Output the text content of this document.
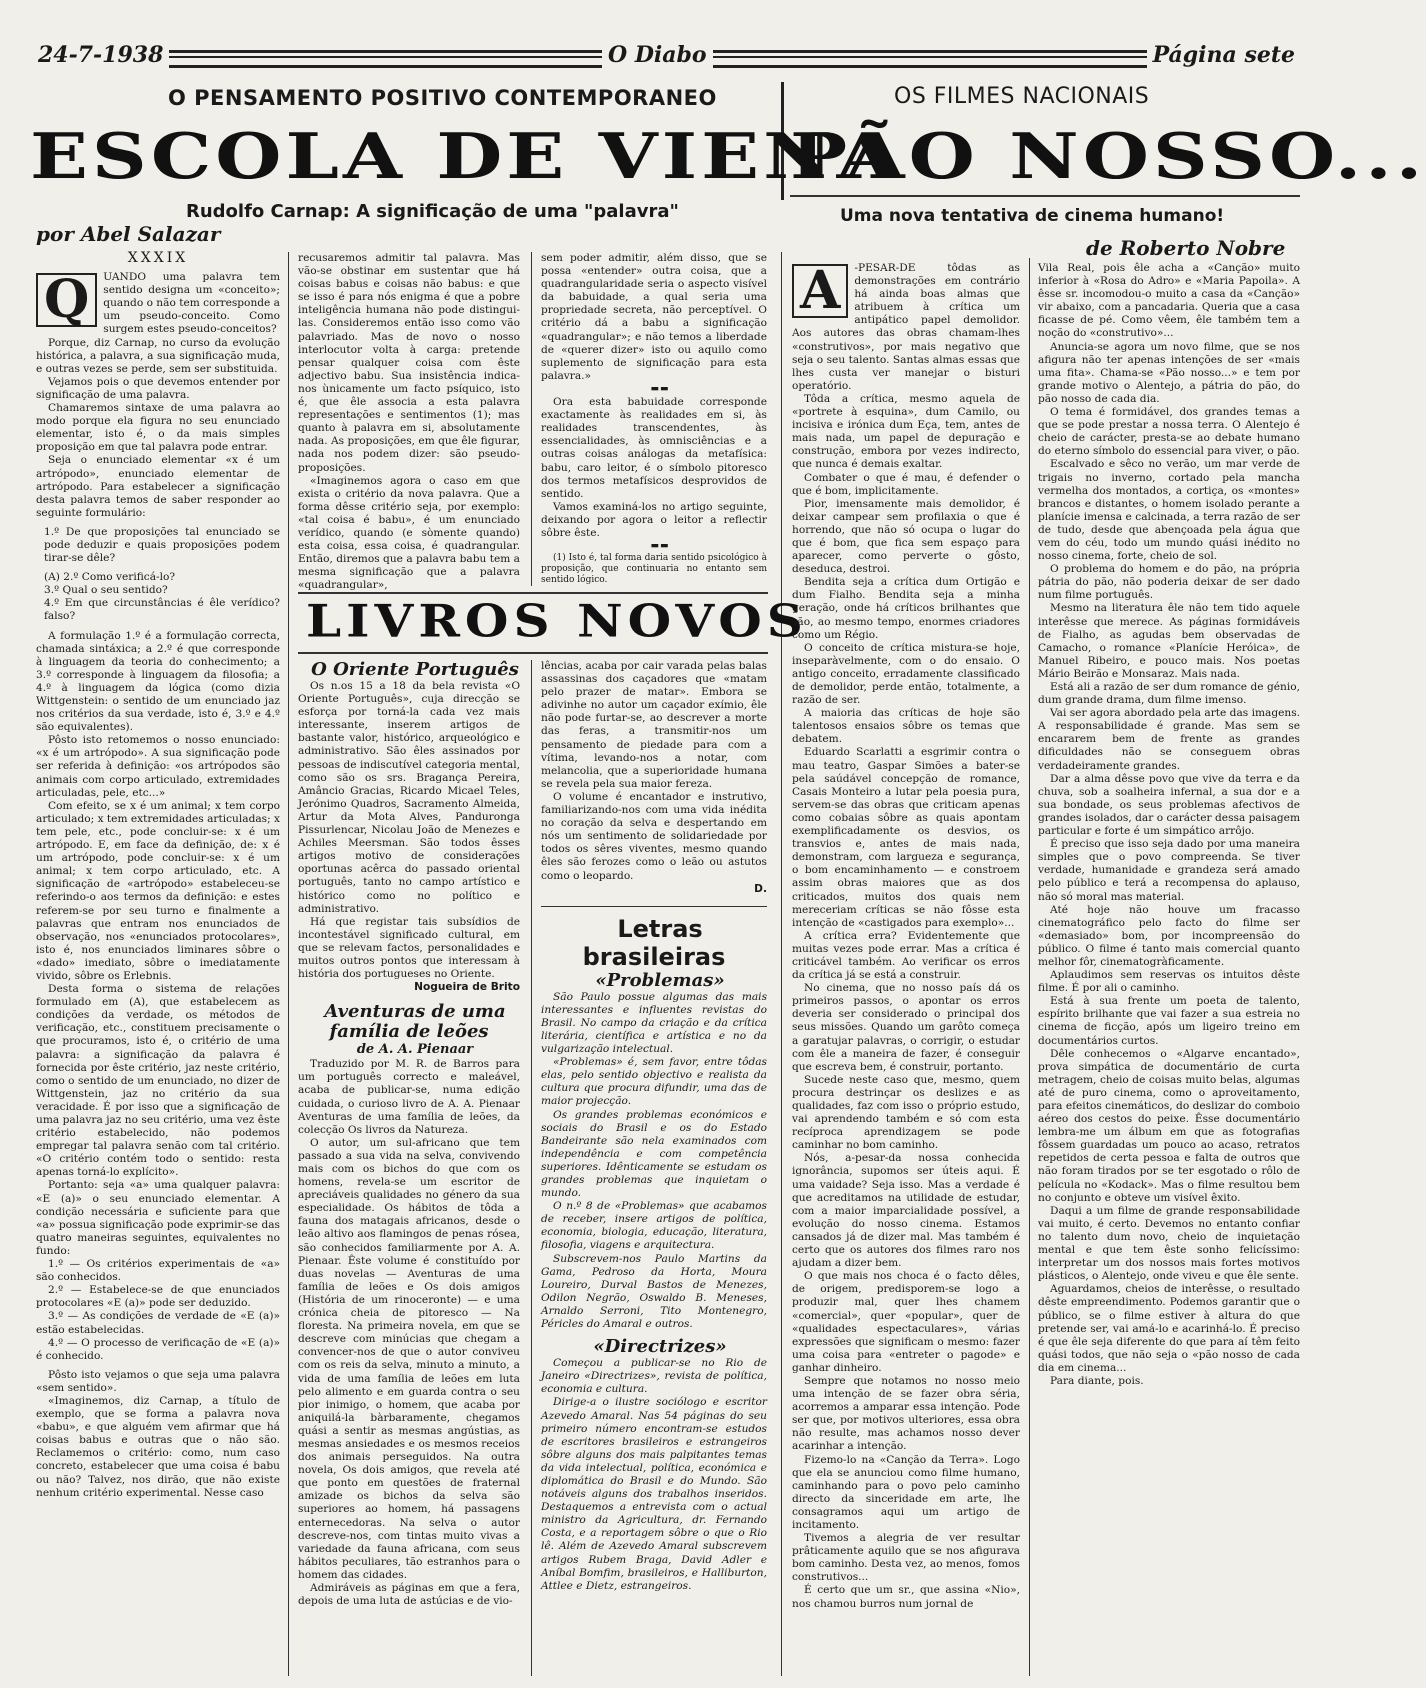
24-7-1938	O Diabo	Página sete
O PENSAMENTO POSITIVO CONTEMPORANEO
ESCOLA DE VIENA
Rudolfo Carnap: A significação de uma "palavra"
por Abel Salazar
OS FILMES NACIONAIS
PÃO NOSSO...
Uma nova tentativa de cinema humano!
de Roberto Nobre

XXXIX

Q	UANDO uma palavra tem sentido designa um «conceito»; quando o não tem corresponde a um pseudo-conceito. Como surgem estes pseudo-conceitos?

Porque, diz Carnap, no curso da evolução histórica, a palavra, a sua significação muda, e outras vezes se perde, sem ser substituida.

Vejamos pois o que devemos entender por significação de uma palavra.

Chamaremos sintaxe de uma palavra ao modo porque ela figura no seu enunciado elementar, isto é, o da mais simples proposição em que tal palavra pode entrar.

Seja o enunciado elementar «x é um artrópodo», enunciado elementar de artrópodo. Para estabelecer a significação desta palavra temos de saber responder ao seguinte formulário:

1.º De que proposições tal enunciado se pode deduzir e quais proposições podem tirar-se dêle?

(A) 2.º Como verificá-lo?

3.º Qual o seu sentido?

4.º Em que circunstâncias é êle verídico? falso?

A formulação 1.º é a formulação correcta, chamada sintáxica; a 2.º é que corresponde à linguagem da teoria do conhecimento; a 3.º corresponde à linguagem da filosofia; a 4.º à linguagem da lógica (como dizia Wittgenstein: o sentido de um enunciado jaz nos critérios da sua verdade, isto é, 3.º e 4.º são equivalentes).

Pôsto isto retomemos o nosso enunciado: «x é um artrópodo». A sua significação pode ser referida à definição: «os artrópodos são animais com corpo articulado, extremidades articuladas, pele, etc...»

Com efeito, se x é um animal; x tem corpo articulado; x tem extremidades articuladas; x tem pele, etc., pode concluir-se: x é um artrópodo. E, em face da definição, de: x é um artrópodo, pode concluir-se: x é um animal; x tem corpo articulado, etc. A significação de «artrópodo» estabeleceu-se referindo-o aos termos da definição: e estes referem-se por seu turno e finalmente a palavras que entram nos enunciados de observação, nos «enunciados protocolares», isto é, nos enunciados liminares sôbre o «dado» imediato, sôbre o imediatamente vivido, sôbre os Erlebnis.

Desta forma o sistema de relações formulado em (A), que estabelecem as condições da verdade, os métodos de verificação, etc., constituem precisamente o que procuramos, isto é, o critério de uma palavra: a significação da palavra é fornecida por êste critério, jaz neste critério, como o sentido de um enunciado, no dizer de Wittgenstein, jaz no critério da sua veracidade. É por isso que a significação de uma palavra jaz no seu critério, uma vez êste critério estabelecido, não podemos empregar tal palavra senão com tal critério. «O critério contém todo o sentido: resta apenas torná-lo explícito».

Portanto: seja «a» uma qualquer palavra: «E (a)» o seu enunciado elementar. A condição necessária e suficiente para que «a» possua significação pode exprimir-se das quatro maneiras seguintes, equivalentes no fundo:

1.º — Os critérios experimentais de «a» são conhecidos.

2.º — Estabelece-se de que enunciados protocolares «E (a)» pode ser deduzido.

3.º — As condições de verdade de «E (a)» estão estabelecidas.

4.º — O processo de verificação de «E (a)» é conhecido.

Pôsto isto vejamos o que seja uma palavra «sem sentido».

«Imaginemos, diz Carnap, a título de exemplo, que se forma a palavra nova «babu», e que alguém vem afirmar que há coisas babus e outras que o não são. Reclamemos o critério: como, num caso concreto, estabelecer que uma coisa é babu ou não? Talvez, nos dirão, que não existe nenhum critério experimental. Nesse caso

recusaremos admitir tal palavra. Mas vão-se obstinar em sustentar que há coisas babus e coisas não babus: e que se isso é para nós enigma é que a pobre inteligência humana não pode distingui-las. Consideremos então isso como vão palavriado. Mas de novo o nosso interlocutor volta à carga: pretende pensar qualquer coisa com êste adjectivo babu. Sua insistência indica-nos ùnicamente um facto psíquico, isto é, que êle associa a esta palavra representações e sentimentos (1); mas quanto à palavra em si, absolutamente nada. As proposições, em que êle figurar, nada nos podem dizer: são pseudo-proposições.

«Imaginemos agora o caso em que exista o critério da nova palavra. Que a forma dêsse critério seja, por exemplo: «tal coisa é babu», é um enunciado verídico, quando (e sòmente quando) esta coisa, essa coisa, é quadrangular. Então, diremos que a palavra babu tem a mesma significação que a palavra «quadrangular»,

sem poder admitir, além disso, que se possa «entender» outra coisa, que a quadrangularidade seria o aspecto visível da babuidade, a qual seria uma propriedade secreta, não perceptível. O critério dá a babu a significação «quadrangular»; e não temos a liberdade de «querer dizer» isto ou aquilo como suplemento de significação para esta palavra.»

▬▬

Ora esta babuidade corresponde exactamente às realidades em si, às realidades transcendentes, às essencialidades, às omnisciências e a outras coisas análogas da metafísica: babu, caro leitor, é o símbolo pitoresco dos termos metafísicos desprovidos de sentido.

Vamos examiná-los no artigo seguinte, deixando por agora o leitor a reflectir sôbre êste.

▬▬

(1) Isto é, tal forma daria sentido psicológico à proposição, que continuaria no entanto sem sentido lógico.

LIVROS NOVOS

O Oriente Português

Os n.os 15 a 18 da bela revista «O Oriente Português», cuja direcção se esforça por torná-la cada vez mais interessante, inserem artigos de bastante valor, histórico, arqueológico e administrativo. São êles assinados por pessoas de indiscutível categoria mental, como são os srs. Bragança Pereira, Amâncio Gracias, Ricardo Micael Teles, Jerónimo Quadros, Sacramento Almeida, Artur da Mota Alves, Panduronga Pissurlencar, Nicolau João de Menezes e Achiles Meersman. São todos êsses artigos motivo de considerações oportunas acêrca do passado oriental português, tanto no campo artístico e histórico como no político e administrativo.

Há que registar tais subsídios de incontestável significado cultural, em que se relevam factos, personalidades e muitos outros pontos que interessam à história dos portugueses no Oriente.

Nogueira de Brito

Aventuras de uma família de leões

de A. A. Pienaar

Traduzido por M. R. de Barros para um português correcto e maleável, acaba de publicar-se, numa edição cuidada, o curioso livro de A. A. Pienaar Aventuras de uma família de leões, da colecção Os livros da Natureza.

O autor, um sul-africano que tem passado a sua vida na selva, convivendo mais com os bichos do que com os homens, revela-se um escritor de apreciáveis qualidades no género da sua especialidade. Os hábitos de tôda a fauna dos matagais africanos, desde o leão altivo aos flamingos de penas rósea, são conhecidos familiarmente por A. A. Pienaar. Êste volume é constituído por duas novelas — Aventuras de uma família de leões e Os dois amigos (História de um rinoceronte) — e uma crónica cheia de pitoresco — Na floresta. Na primeira novela, em que se descreve com minúcias que chegam a convencer-nos de que o autor conviveu com os reis da selva, minuto a minuto, a vida de uma família de leões em luta pelo alimento e em guarda contra o seu pior inimigo, o homem, que acaba por aniquilá-la bàrbaramente, chegamos quási a sentir as mesmas angústias, as mesmas ansiedades e os mesmos receios dos animais perseguidos. Na outra novela, Os dois amigos, que revela até que ponto em questões de fraternal amizade os bichos da selva são superiores ao homem, há passagens enternecedoras. Na selva o autor descreve-nos, com tintas muito vivas a variedade da fauna africana, com seus hábitos peculiares, tão estranhos para o homem das cidades.

Admiráveis as páginas em que a fera, depois de uma luta de astúcias e de vio-

lências, acaba por cair varada pelas balas assassinas dos caçadores que «matam pelo prazer de matar». Embora se adivinhe no autor um caçador exímio, êle não pode furtar-se, ao descrever a morte das feras, a transmitir-nos um pensamento de piedade para com a vítima, levando-nos a notar, com melancolia, que a superioridade humana se revela pela sua maior fereza.

O volume é encantador e instrutivo, familiarizando-nos com uma vida inédita no coração da selva e despertando em nós um sentimento de solidariedade por todos os sêres viventes, mesmo quando êles são ferozes como o leão ou astutos como o leopardo.

D.

Letras brasileiras

«Problemas»

São Paulo possue algumas das mais interessantes e influentes revistas do Brasil. No campo da criação e da crítica literária, científica e artística e no da vulgarização intelectual.

«Problemas» é, sem favor, entre tôdas elas, pelo sentido objectivo e realista da cultura que procura difundir, uma das de maior projecção.

Os grandes problemas económicos e sociais do Brasil e os do Estado Bandeirante são nela examinados com independência e com competência superiores. Idênticamente se estudam os grandes problemas que inquietam o mundo.

O n.º 8 de «Problemas» que acabamos de receber, insere artigos de política, economia, biologia, educação, literatura, filosofia, viagens e arquitectura.

Subscrevem-nos Paulo Martins da Gama, Pedroso da Horta, Moura Loureiro, Durval Bastos de Menezes, Odilon Negrão, Oswaldo B. Meneses, Arnaldo Serroni, Tito Montenegro, Péricles do Amaral e outros.

«Directrizes»

Começou a publicar-se no Rio de Janeiro «Directrizes», revista de política, economia e cultura.

Dirige-a o ilustre sociólogo e escritor Azevedo Amaral. Nas 54 páginas do seu primeiro número encontram-se estudos de escritores brasileiros e estrangeiros sôbre alguns dos mais palpitantes temas da vida intelectual, política, económica e diplomática do Brasil e do Mundo. São notáveis alguns dos trabalhos inseridos. Destaquemos a entrevista com o actual ministro da Agricultura, dr. Fernando Costa, e a reportagem sôbre o que o Rio lê. Além de Azevedo Amaral subscrevem artigos Rubem Braga, David Adler e Aníbal Bomfim, brasileiros, e Halliburton, Attlee e Dietz, estrangeiros.

A	-PESAR-DE tôdas as demonstrações em contrário há ainda boas almas que atribuem à crítica um antipático papel demolidor. Aos autores das obras chamam-lhes «construtivos», por mais negativo que seja o seu talento. Santas almas essas que lhes custa ver manejar o bisturi operatório.

Tôda a crítica, mesmo aquela de «portrete à esquina», dum Camilo, ou incisiva e irónica dum Eça, tem, antes de mais nada, um papel de depuração e construção, embora por vezes indirecto, que nunca é demais exaltar.

Combater o que é mau, é defender o que é bom, implicitamente.

Pior, imensamente mais demolidor, é deixar campear sem profilaxia o que é horrendo, que não só ocupa o lugar do que é bom, que fica sem espaço para aparecer, como perverte o gôsto, deseduca, destroi.

Bendita seja a crítica dum Ortigão e dum Fialho. Bendita seja a minha geração, onde há críticos brilhantes que são, ao mesmo tempo, enormes criadores como um Régio.

O conceito de crítica mistura-se hoje, inseparàvelmente, com o do ensaio. O antigo conceito, erradamente classificado de demolidor, perde então, totalmente, a razão de ser.

A maioria das críticas de hoje são talentosos ensaios sôbre os temas que debatem.

Eduardo Scarlatti a esgrimir contra o mau teatro, Gaspar Simões a bater-se pela saúdável concepção de romance, Casais Monteiro a lutar pela poesia pura, servem-se das obras que criticam apenas como cobaias sôbre as quais apontam exemplificadamente os desvios, os transvios e, antes de mais nada, demonstram, com largueza e segurança, o bom encaminhamento — e constroem assim obras maiores que as dos criticados, muitos dos quais nem mereceriam críticas se não fôsse esta intenção de «castigados para exemplo»...

A crítica erra? Evidentemente que muitas vezes pode errar. Mas a crítica é criticável também. Ao verificar os erros da crítica já se está a construir.

No cinema, que no nosso país dá os primeiros passos, o apontar os erros deveria ser considerado o principal dos seus missões. Quando um garôto começa a garatujar palavras, o corrigir, o estudar com êle a maneira de fazer, é conseguir que escreva bem, é construir, portanto.

Sucede neste caso que, mesmo, quem procura destrinçar os deslizes e as qualidades, faz com isso o próprio estudo, vai aprendendo também e só com esta recíproca aprendizagem se pode caminhar no bom caminho.

Nós, a-pesar-da nossa conhecida ignorância, supomos ser úteis aqui. É uma vaidade? Seja isso. Mas a verdade é que acreditamos na utilidade de estudar, com a maior imparcialidade possível, a evolução do nosso cinema. Estamos cansados já de dizer mal. Mas também é certo que os autores dos filmes raro nos ajudam a dizer bem.

O que mais nos choca é o facto dêles, de origem, predisporem-se logo a produzir mal, quer lhes chamem «comercial», quer «popular», quer de «qualidades espectaculares», várias expressões que significam o mesmo: fazer uma coisa para «entreter o pagode» e ganhar dinheiro.

Sempre que notamos no nosso meio uma intenção de se fazer obra séria, acorremos a amparar essa intenção. Pode ser que, por motivos ulteriores, essa obra não resulte, mas achamos nosso dever acarinhar a intenção.

Fizemo-lo na «Canção da Terra». Logo que ela se anunciou como filme humano, caminhando para o povo pelo caminho directo da sinceridade em arte, lhe consagramos aqui um artigo de incitamento.

Tivemos a alegria de ver resultar prâticamente aquilo que se nos afigurava bom caminho. Desta vez, ao menos, fomos construtivos...

É certo que um sr., que assina «Nio», nos chamou burros num jornal de

Vila Real, pois êle acha a «Canção» muito inferior à «Rosa do Adro» e «Maria Papoila». A êsse sr. incomodou-o muito a casa da «Canção» vir abaixo, com a pancadaria. Queria que a casa ficasse de pé. Como vêem, êle também tem a noção do «construtivo»...

Anuncia-se agora um novo filme, que se nos afigura não ter apenas intenções de ser «mais uma fita». Chama-se «Pão nosso...» e tem por grande motivo o Alentejo, a pátria do pão, do pão nosso de cada dia.

O tema é formidável, dos grandes temas a que se pode prestar a nossa terra. O Alentejo é cheio de carácter, presta-se ao debate humano do eterno símbolo do essencial para viver, o pão.

Escalvado e sêco no verão, um mar verde de trigais no inverno, cortado pela mancha vermelha dos montados, a cortiça, os «montes» brancos e distantes, o homem isolado perante a planície imensa e calcinada, a terra razão de ser de tudo, desde que abençoada pela água que vem do céu, todo um mundo quási inédito no nosso cinema, forte, cheio de sol.

O problema do homem e do pão, na própria pátria do pão, não poderia deixar de ser dado num filme português.

Mesmo na literatura êle não tem tido aquele interêsse que merece. As páginas formidáveis de Fialho, as agudas bem observadas de Camacho, o romance «Planície Heróica», de Manuel Ribeiro, e pouco mais. Nos poetas Mário Beirão e Monsaraz. Mais nada.

Está ali a razão de ser dum romance de génio, dum grande drama, dum filme imenso.

Vai ser agora abordado pela arte das imagens. A responsabilidade é grande. Mas sem se encararem bem de frente as grandes dificuldades não se conseguem obras verdadeiramente grandes.

Dar a alma dêsse povo que vive da terra e da chuva, sob a soalheira infernal, a sua dor e a sua bondade, os seus problemas afectivos de grandes isolados, dar o carácter dessa paisagem particular e forte é um simpático arrôjo.

É preciso que isso seja dado por uma maneira simples que o povo compreenda. Se tiver verdade, humanidade e grandeza será amado pelo público e terá a recompensa do aplauso, não só moral mas material.

Até hoje não houve um fracasso cinematográfico pelo facto do filme ser «demasiado» bom, por incompreensão do público. O filme é tanto mais comercial quanto melhor fôr, cinematogràficamente.

Aplaudimos sem reservas os intuitos dêste filme. É por ali o caminho.

Está à sua frente um poeta de talento, espírito brilhante que vai fazer a sua estreia no cinema de ficção, após um ligeiro treino em documentários curtos.

Dêle conhecemos o «Algarve encantado», prova simpática de documentário de curta metragem, cheio de coisas muito belas, algumas até de puro cinema, como o aproveitamento, para efeitos cinemáticos, do deslizar do comboio aéreo dos cestos do peixe. Êsse documentário lembra-me um álbum em que as fotografias fôssem guardadas um pouco ao acaso, retratos repetidos de certa pessoa e falta de outros que não foram tirados por se ter esgotado o rôlo de película no «Kodack». Mas o filme resultou bem no conjunto e obteve um visível êxito.

Daqui a um filme de grande responsabilidade vai muito, é certo. Devemos no entanto confiar no talento dum novo, cheio de inquietação mental e que tem êste sonho felicíssimo: interpretar um dos nossos mais fortes motivos plásticos, o Alentejo, onde viveu e que êle sente.

Aguardamos, cheios de interêsse, o resultado dêste empreendimento. Podemos garantir que o público, se o filme estiver à altura do que pretende ser, vai amá-lo e acarinhá-lo. É preciso é que êle seja diferente do que para aí têm feito quási todos, que não seja o «pão nosso de cada dia em cinema...

Para diante, pois.
